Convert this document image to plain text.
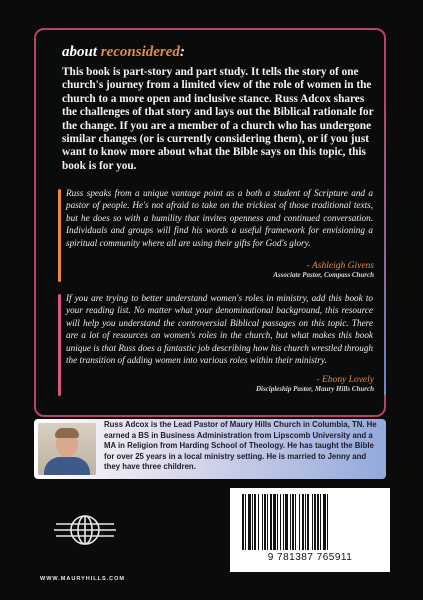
about reconsidered:

This book is part-story and part study. It tells the story of one church's journey from a limited view of the role of women in the church to a more open and inclusive stance. Russ Adcox shares the challenges of that story and lays out the Biblical rationale for the change. If you are a member of a church who has undergone similar changes (or is currently considering them), or if you just want to know more about what the Bible says on this topic, this book is for you.

Russ speaks from a unique vantage point as a both a student of Scripture and a pastor of people. He's not afraid to take on the trickiest of those traditional texts, but he does so with a humility that invites openness and continued conversation. Individuals and groups will find his words a useful framework for envisioning a spiritual community where all are using their gifts for God's glory.

- Ashleigh Givens
Associate Pastor, Compass Church

If you are trying to better understand women's roles in ministry, add this book to your reading list. No matter what your denominational background, this resource will help you understand the controversial Biblical passages on this topic. There are a lot of resources on women's roles in the church, but what makes this book unique is that Russ does a fantastic job describing how his church wrestled through the transition of adding women into various roles within their ministry.

- Ebony Lovely
Discipleship Pastor, Maury Hills Church

Russ Adcox is the Lead Pastor of Maury Hills Church in Columbia, TN. He earned a BS in Business Administration from Lipscomb University and a MA in Religion from Harding School of Theology. He has taught the Bible for over 25 years in a local ministry setting. He is married to Jenny and they have three children.

WWW.MAURYHILLS.COM
9 781387 765911
